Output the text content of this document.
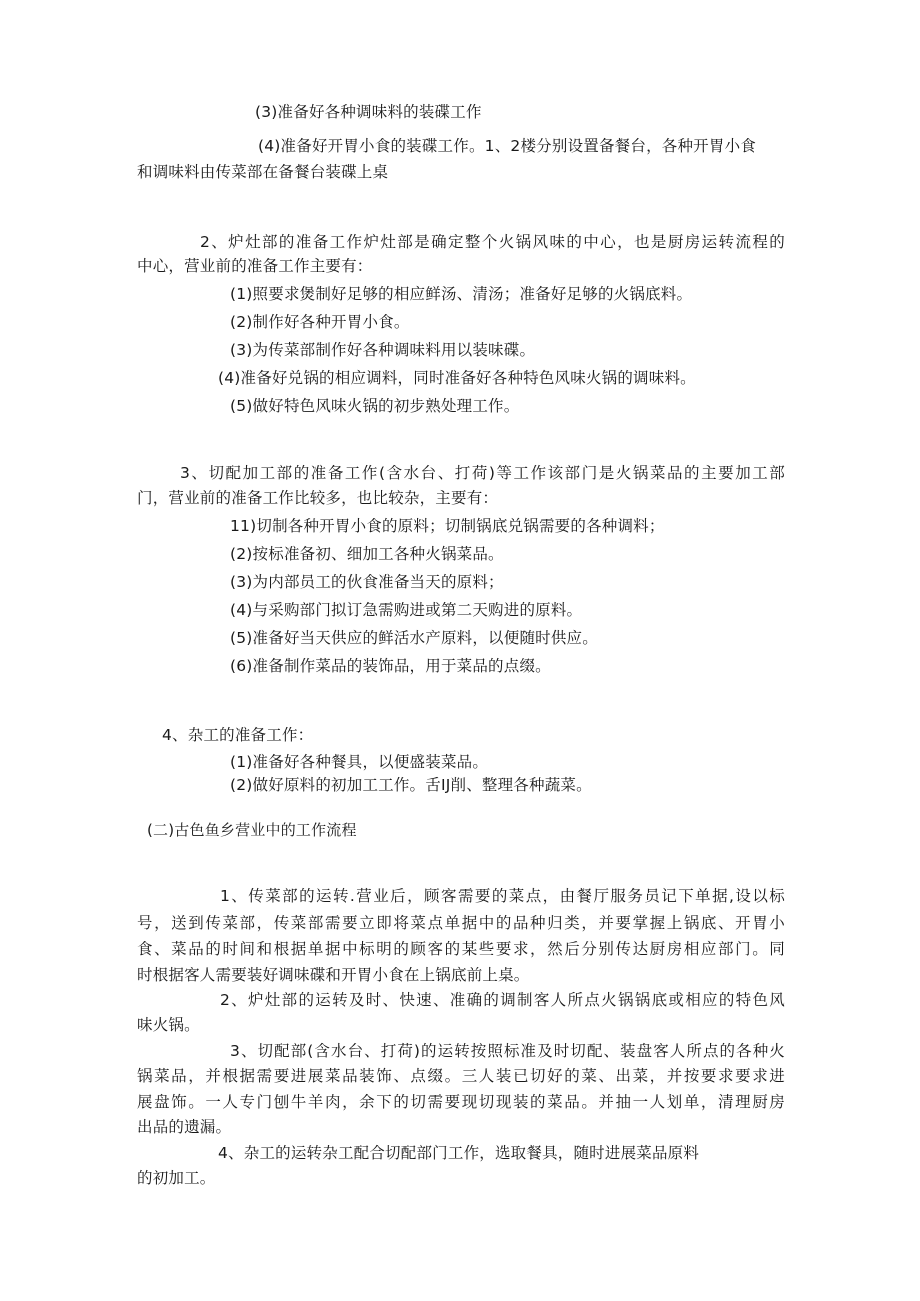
(3)准备好各种调味料的装碟工作
(4)准备好开胃小食的装碟工作。1、2楼分别设置备餐台，各种开胃小食
和调味料由传菜部在备餐台装碟上桌
2、炉灶部的准备工作炉灶部是确定整个火锅风味的中心，也是厨房运转流程的
中心，营业前的准备工作主要有：
(1)照要求煲制好足够的相应鲜汤、清汤；准备好足够的火锅底料。
(2)制作好各种开胃小食。
(3)为传菜部制作好各种调味料用以装味碟。
(4)准备好兑锅的相应调料，同时准备好各种特色风味火锅的调味料。
(5)做好特色风味火锅的初步熟处理工作。
3、切配加工部的准备工作(含水台、打荷)等工作该部门是火锅菜品的主要加工部
门，营业前的准备工作比较多，也比较杂，主要有：
11)切制各种开胃小食的原料；切制锅底兑锅需要的各种调料；
(2)按标准备初、细加工各种火锅菜品。
(3)为内部员工的伙食准备当天的原料；
(4)与采购部门拟订急需购进或第二天购进的原料。
(5)准备好当天供应的鲜活水产原料，以便随时供应。
(6)准备制作菜品的装饰品，用于菜品的点缀。
4、杂工的准备工作：
(1)准备好各种餐具，以便盛装菜品。
(2)做好原料的初加工工作。舌IJ削、整理各种蔬菜。
(二)古色鱼乡营业中的工作流程
1、传菜部的运转.营业后，顾客需要的菜点，由餐厅服务员记下单据,设以标
号，送到传菜部，传菜部需要立即将菜点单据中的品种归类，并要掌握上锅底、开胃小
食、菜品的时间和根据单据中标明的顾客的某些要求，然后分别传达厨房相应部门。同
时根据客人需要装好调味碟和开胃小食在上锅底前上桌。
2、炉灶部的运转及时、快速、准确的调制客人所点火锅锅底或相应的特色风
味火锅。
3、切配部(含水台、打荷)的运转按照标准及时切配、装盘客人所点的各种火
锅菜品，并根据需要进展菜品装饰、点缀。三人装已切好的菜、出菜，并按要求要求进
展盘饰。一人专门刨牛羊肉，余下的切需要现切现装的菜品。并抽一人划单，清理厨房
出品的遗漏。
4、杂工的运转杂工配合切配部门工作，选取餐具，随时进展菜品原料
的初加工。
